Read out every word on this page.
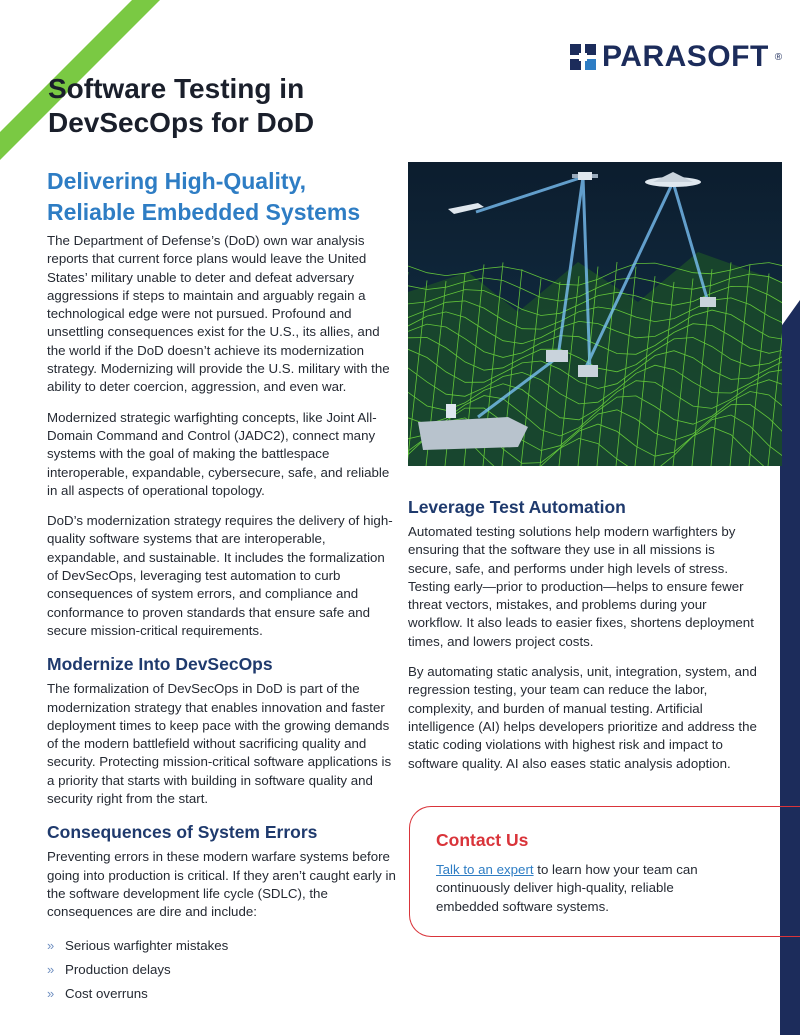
PARASOFT ®
Software Testing in
DevSecOps for DoD
Delivering High-Quality,
Reliable Embedded Systems

The Department of Defense’s (DoD) own war analysis reports that current force plans would leave the United States’ military unable to deter and defeat adversary aggressions if steps to maintain and arguably regain a technological edge were not pursued. Profound and unsettling consequences exist for the U.S., its allies, and the world if the DoD doesn’t achieve its modernization strategy. Modernizing will provide the U.S. military with the ability to deter coercion, aggression, and even war.

Modernized strategic warfighting concepts, like Joint All-Domain Command and Control (JADC2), connect many systems with the goal of making the battlespace interoperable, expandable, cybersecure, safe, and reliable in all aspects of operational topology.

DoD’s modernization strategy requires the delivery of high-quality software systems that are interoperable, expandable, and sustainable. It includes the formalization of DevSecOps, leveraging test automation to curb consequences of system errors, and compliance and conformance to proven standards that ensure safe and secure mission-critical requirements.

Modernize Into DevSecOps

The formalization of DevSecOps in DoD is part of the modernization strategy that enables innovation and faster deployment times to keep pace with the growing demands of the modern battlefield without sacrificing quality and security. Protecting mission-critical software applications is a priority that starts with building in software quality and security right from the start.

Consequences of System Errors

Preventing errors in these modern warfare systems before going into production is critical. If they aren’t caught early in the software development life cycle (SDLC), the consequences are dire and include:

» Serious warfighter mistakes
» Production delays
» Cost overruns
Leverage Test Automation

Automated testing solutions help modern warfighters by ensuring that the software they use in all missions is secure, safe, and performs under high levels of stress. Testing early—prior to production—helps to ensure fewer threat vectors, mistakes, and problems during your workflow. It also leads to easier fixes, shortens deployment times, and lowers project costs.

By automating static analysis, unit, integration, system, and regression testing, your team can reduce the labor, complexity, and burden of manual testing. Artificial intelligence (AI) helps developers prioritize and address the static coding violations with highest risk and impact to software quality. AI also eases static analysis adoption.

Contact Us

Talk to an expert to learn how your team can continuously deliver high-quality, reliable embedded software systems.
